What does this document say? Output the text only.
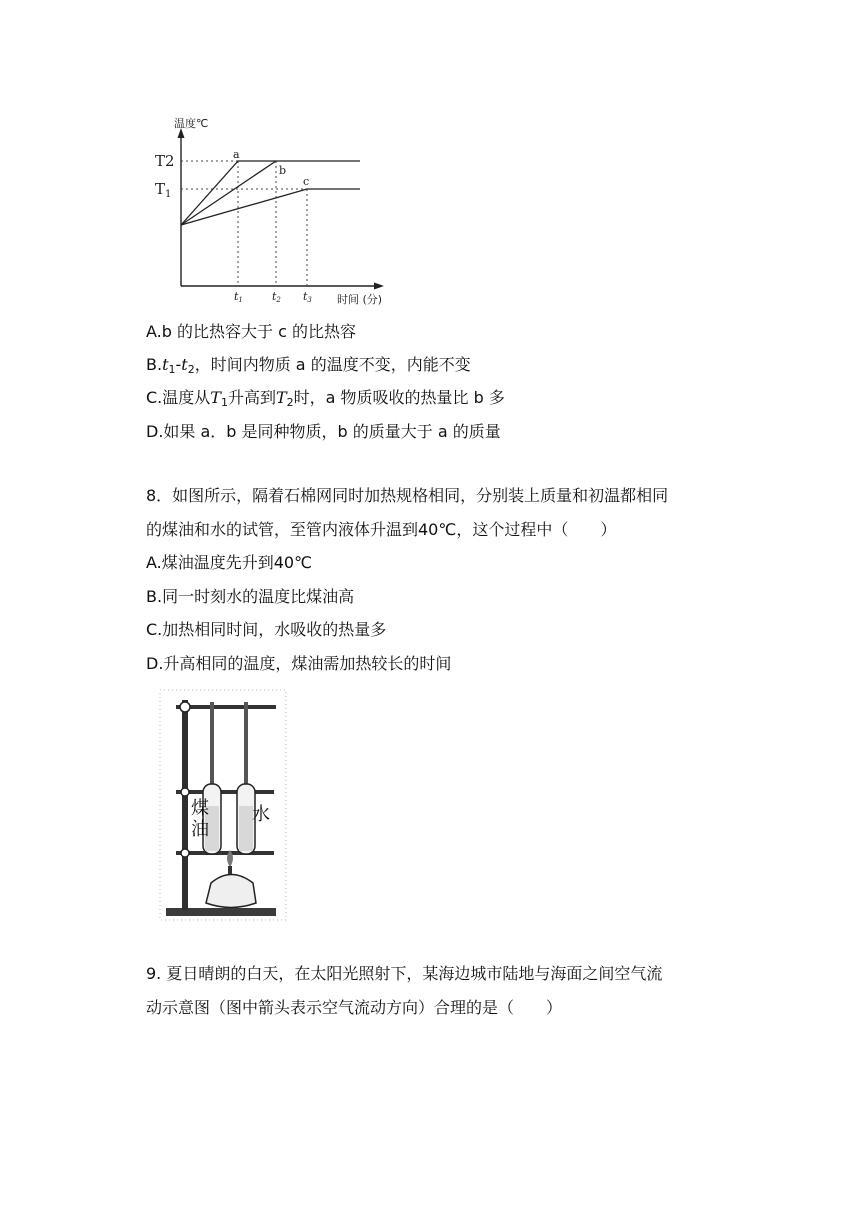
温度℃
T2
$T_1$
a
b
c
t1	t2 t3 时间 (分)
A.b 的比热容大于 c 的比热容
$B.t_1-t_2$，时间内物质 a 的温度不变，内能不变
C.温度从$T_1$升高到$T_2$时，a 物质吸收的热量比 b 多
D.如果 a．b 是同种物质，b 的质量大于 a 的质量
8．如图所示，隔着石棉网同时加热规格相同，分别装上质量和初温都相同
的煤油和水的试管，至管内液体升温到40℃，这个过程中（　　）
A.煤油温度先升到40℃
B.同一时刻水的温度比煤油高
C.加热相同时间，水吸收的热量多
D.升高相同的温度，煤油需加热较长的时间
煤
油
水
9. 夏日晴朗的白天，在太阳光照射下，某海边城市陆地与海面之间空气流
动示意图（图中箭头表示空气流动方向）合理的是（　　）
